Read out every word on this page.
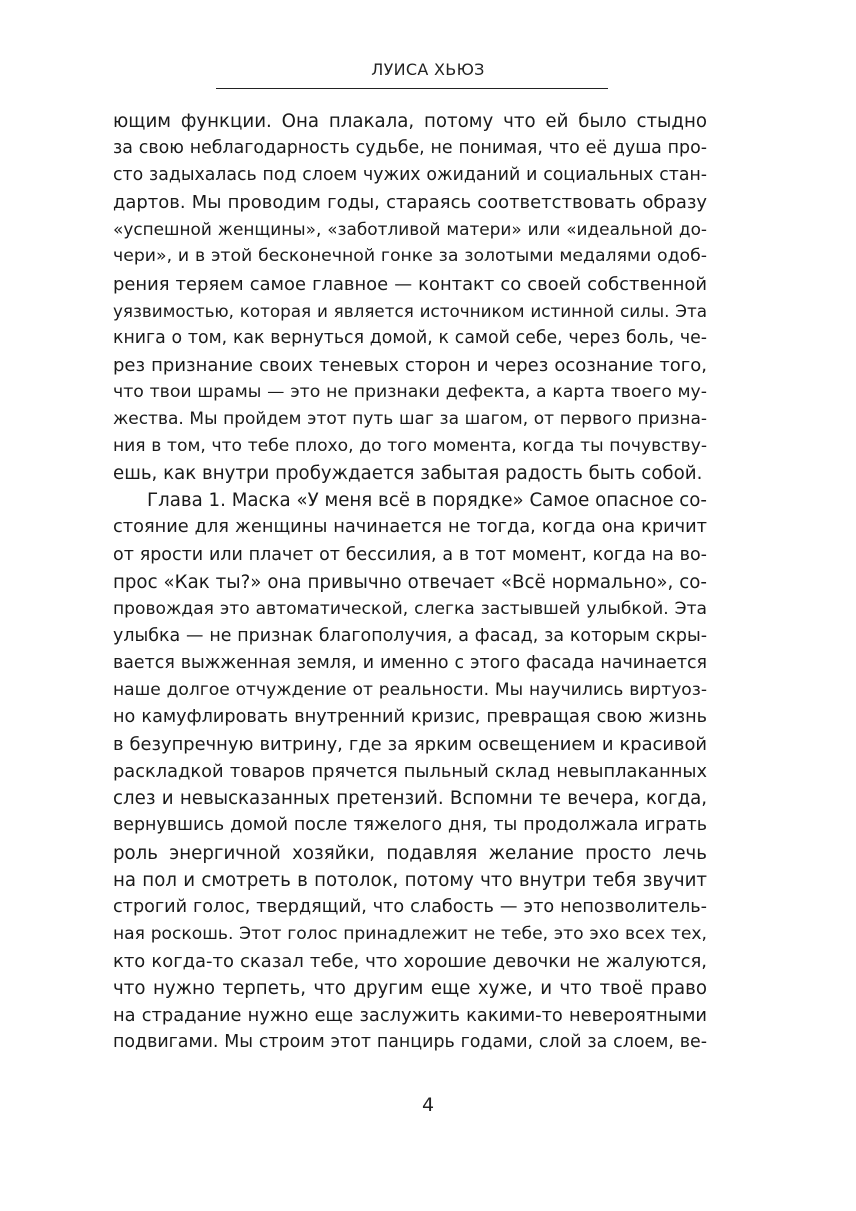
ЛУИСА ХЬЮЗ
ющим функции. Она плакала, потому что ей было стыдно
за свою неблагодарность судьбе, не понимая, что её душа про-
сто задыхалась под слоем чужих ожиданий и социальных стан-
дартов. Мы проводим годы, стараясь соответствовать образу
«успешной женщины», «заботливой матери» или «идеальной до-
чери», и в этой бесконечной гонке за золотыми медалями одоб-
рения теряем самое главное — контакт со своей собственной
уязвимостью, которая и является источником истинной силы. Эта
книга о том, как вернуться домой, к самой себе, через боль, че-
рез признание своих теневых сторон и через осознание того,
что твои шрамы — это не признаки дефекта, а карта твоего му-
жества. Мы пройдем этот путь шаг за шагом, от первого призна-
ния в том, что тебе плохо, до того момента, когда ты почувству-
ешь, как внутри пробуждается забытая радость быть собой.
Глава 1. Маска «У меня всё в порядке» Самое опасное со-
стояние для женщины начинается не тогда, когда она кричит
от ярости или плачет от бессилия, а в тот момент, когда на во-
прос «Как ты?» она привычно отвечает «Всё нормально», со-
провождая это автоматической, слегка застывшей улыбкой. Эта
улыбка — не признак благополучия, а фасад, за которым скры-
вается выжженная земля, и именно с этого фасада начинается
наше долгое отчуждение от реальности. Мы научились виртуоз-
но камуфлировать внутренний кризис, превращая свою жизнь
в безупречную витрину, где за ярким освещением и красивой
раскладкой товаров прячется пыльный склад невыплаканных
слез и невысказанных претензий. Вспомни те вечера, когда,
вернувшись домой после тяжелого дня, ты продолжала играть
роль энергичной хозяйки, подавляя желание просто лечь
на пол и смотреть в потолок, потому что внутри тебя звучит
строгий голос, твердящий, что слабость — это непозволитель-
ная роскошь. Этот голос принадлежит не тебе, это эхо всех тех,
кто когда-то сказал тебе, что хорошие девочки не жалуются,
что нужно терпеть, что другим еще хуже, и что твоё право
на страдание нужно еще заслужить какими-то невероятными
подвигами. Мы строим этот панцирь годами, слой за слоем, ве-
4
